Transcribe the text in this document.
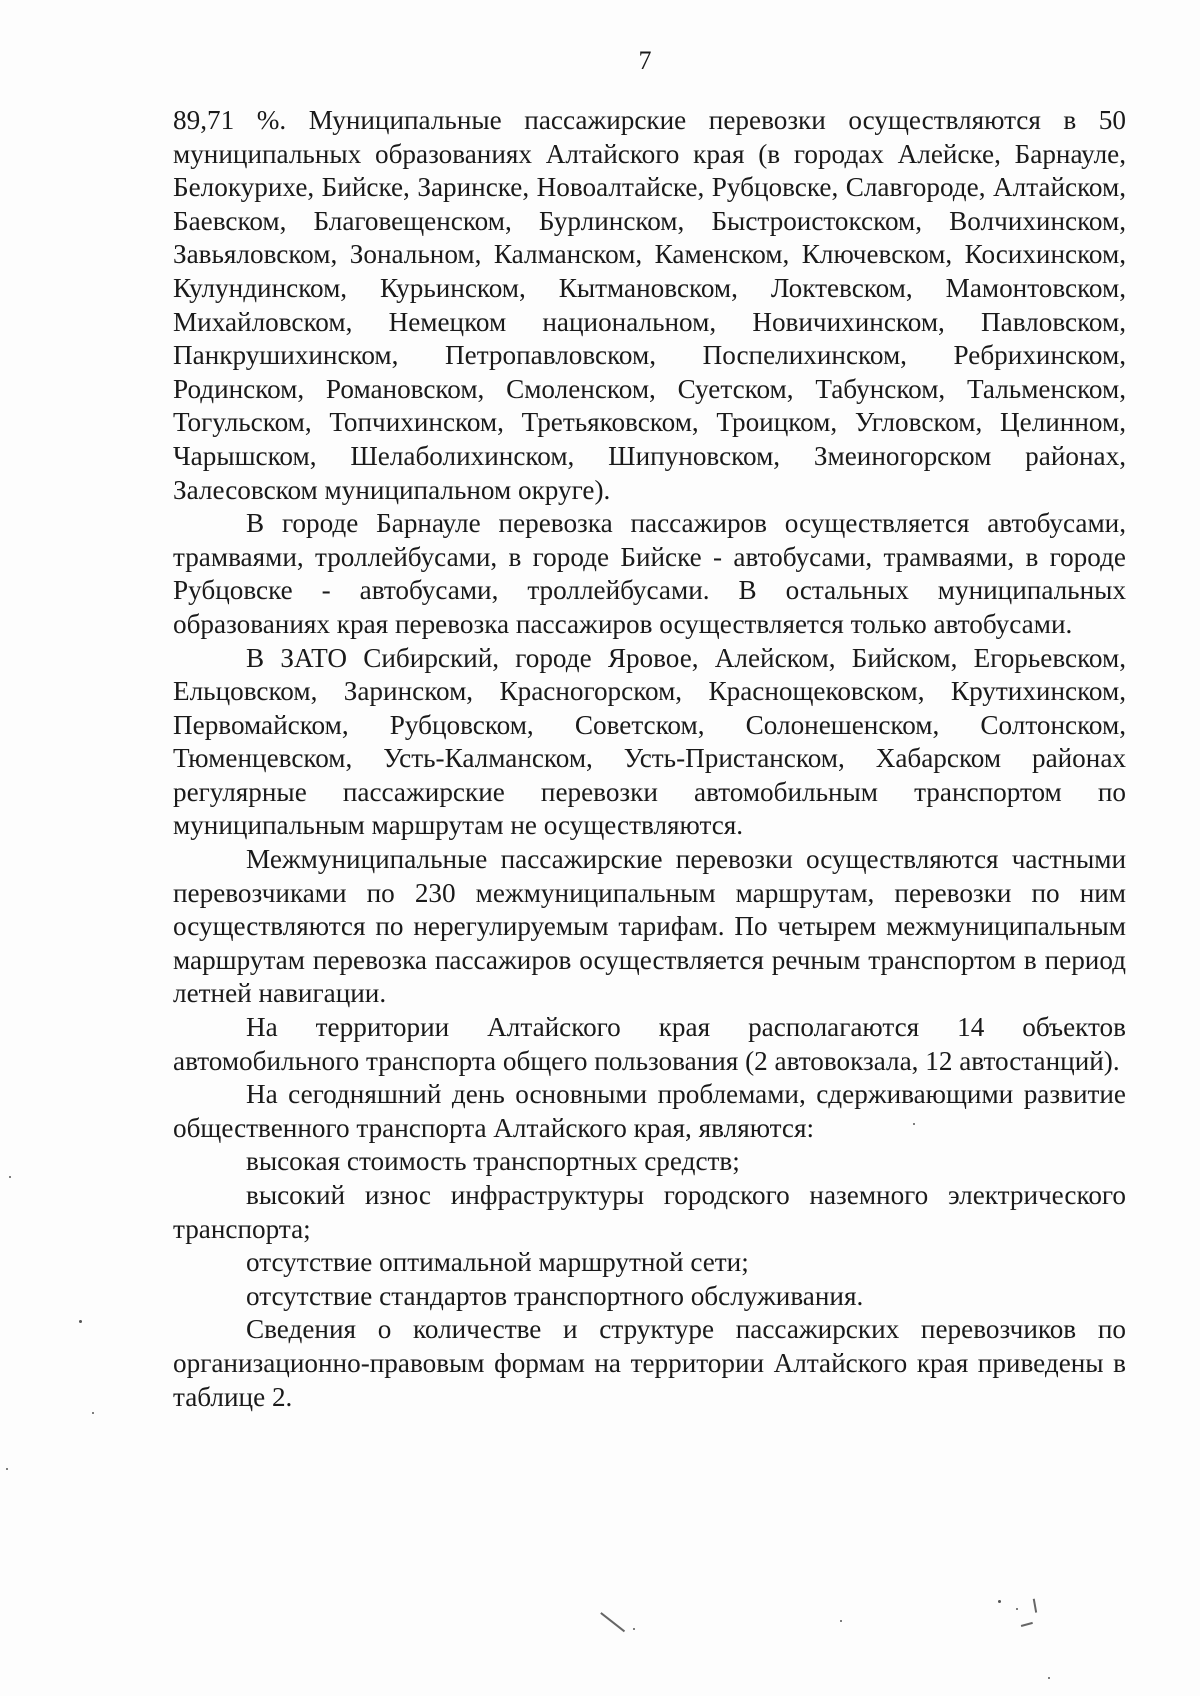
7

89,71 %. Муниципальные пассажирские перевозки осуществляются в 50 муниципальных образованиях Алтайского края (в городах Алейске, Барнауле, Белокурихе, Бийске, Заринске, Новоалтайске, Рубцовске, Славгороде, Алтайском, Баевском, Благовещенском, Бурлинском, Быстроистокском, Волчихинском, Завьяловском, Зональном, Калманском, Каменском, Ключевском, Косихинском, Кулундинском, Курьинском, Кытмановском, Локтевском, Мамонтовском, Михайловском, Немецком национальном, Новичихинском, Павловском, Панкрушихинском, Петропавловском, Поспелихинском, Ребрихинском, Родинском, Романовском, Смоленском, Суетском, Табунском, Тальменском, Тогульском, Топчихинском, Третьяковском, Троицком, Угловском, Целинном, Чарышском, Шелаболихинском, Шипуновском, Змеиногорском районах, Залесовском муниципальном округе).

В городе Барнауле перевозка пассажиров осуществляется автобусами, трамваями, троллейбусами, в городе Бийске - автобусами, трамваями, в городе Рубцовске - автобусами, троллейбусами. В остальных муниципальных образованиях края перевозка пассажиров осуществляется только автобусами.

В ЗАТО Сибирский, городе Яровое, Алейском, Бийском, Егорьевском, Ельцовском, Заринском, Красногорском, Краснощековском, Крутихинском, Первомайском, Рубцовском, Советском, Солонешенском, Солтонском, Тюменцевском, Усть-Калманском, Усть-Пристанском, Хабарском районах регулярные пассажирские перевозки автомобильным транспортом по муниципальным маршрутам не осуществляются.

Межмуниципальные пассажирские перевозки осуществляются частными перевозчиками по 230 межмуниципальным маршрутам, перевозки по ним осуществляются по нерегулируемым тарифам. По четырем межмуниципальным маршрутам перевозка пассажиров осуществляется речным транспортом в период летней навигации.

На территории Алтайского края располагаются 14 объектов автомобильного транспорта общего пользования (2 автовокзала, 12 автостанций).

На сегодняшний день основными проблемами, сдерживающими развитие общественного транспорта Алтайского края, являются:

высокая стоимость транспортных средств;

высокий износ инфраструктуры городского наземного электрического транспорта;

отсутствие оптимальной маршрутной сети;

отсутствие стандартов транспортного обслуживания.

Сведения о количестве и структуре пассажирских перевозчиков по организационно-правовым формам на территории Алтайского края приведены в таблице 2.
